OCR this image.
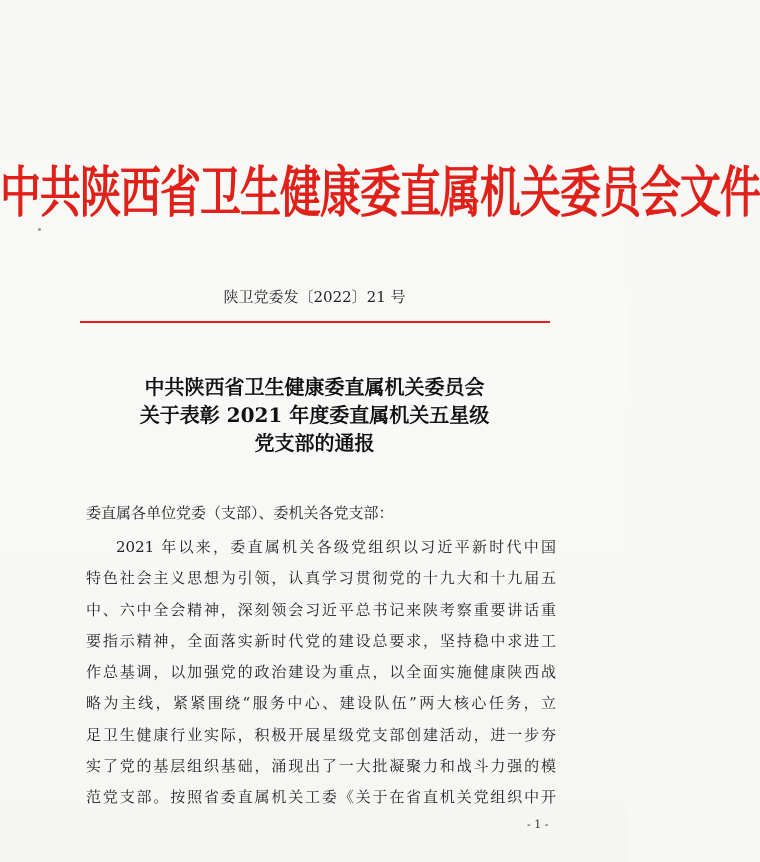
中共陕西省卫生健康委直属机关委员会文件
陕卫党委发〔2022〕21 号
中共陕西省卫生健康委直属机关委员会
关于表彰 2021 年度委直属机关五星级
党支部的通报
委直属各单位党委（支部）、委机关各党支部：
2021 年以来，委直属机关各级党组织以习近平新时代中国
特色社会主义思想为引领，认真学习贯彻党的十九大和十九届五
中、六中全会精神，深刻领会习近平总书记来陕考察重要讲话重
要指示精神，全面落实新时代党的建设总要求，坚持稳中求进工
作总基调，以加强党的政治建设为重点，以全面实施健康陕西战
略为主线，紧紧围绕“服务中心、建设队伍”两大核心任务，立
足卫生健康行业实际，积极开展星级党支部创建活动，进一步夯
实了党的基层组织基础，涌现出了一大批凝聚力和战斗力强的模
范党支部。按照省委直属机关工委《关于在省直机关党组织中开
- 1 -
